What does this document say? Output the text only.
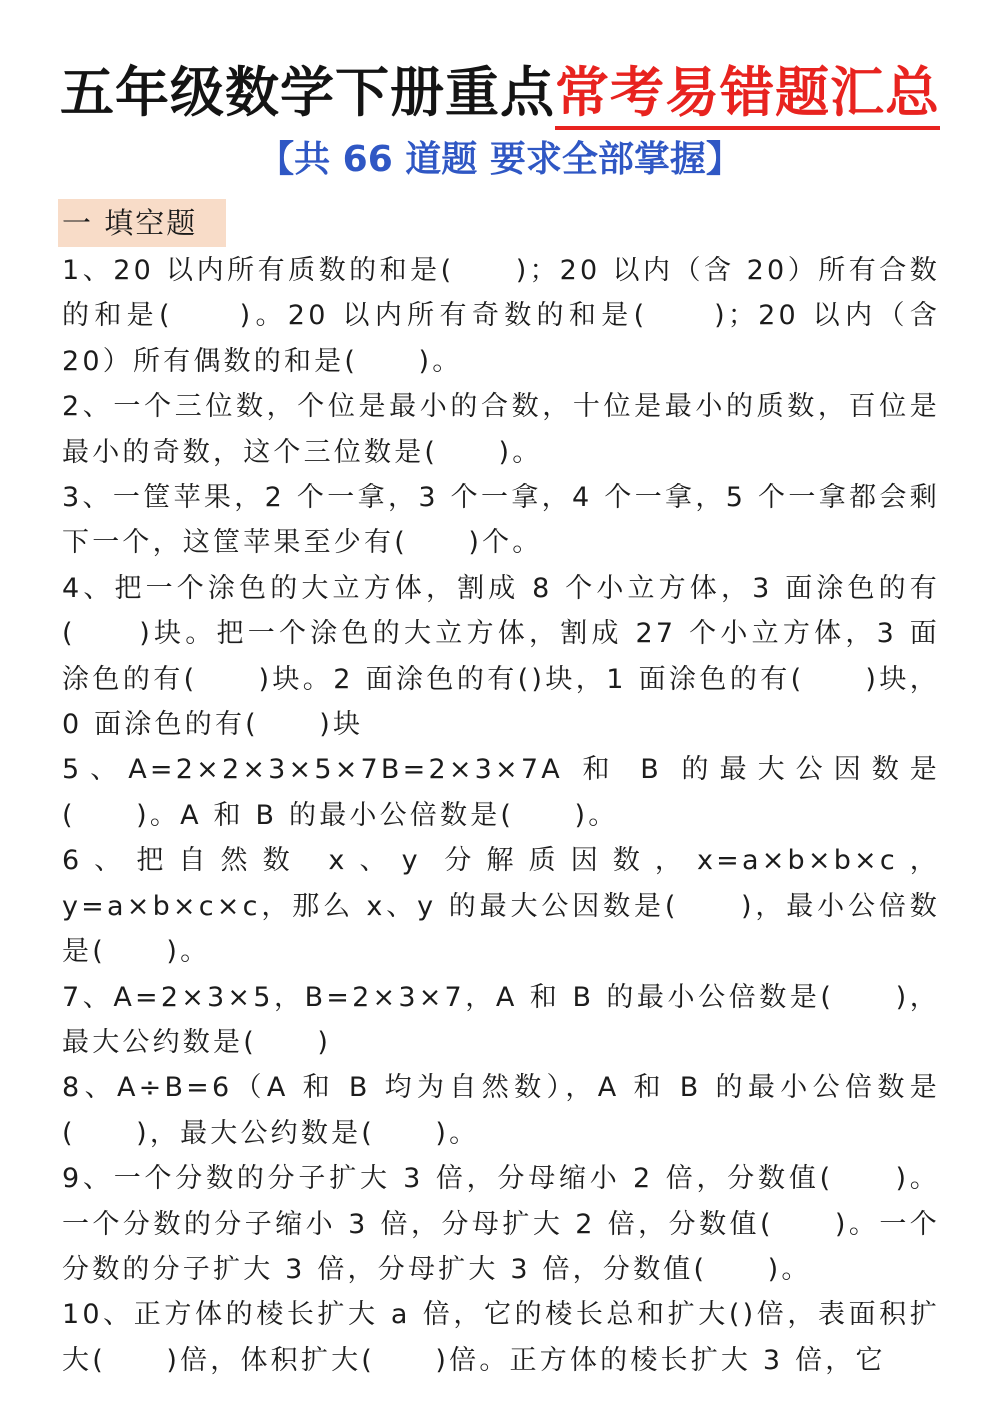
五年级数学下册重点常考易错题汇总
【共 66 道题 要求全部掌握】
一 填空题
1、20 以内所有质数的和是(　　)；20 以内（含 20）所有合数的和是(　　)。20 以内所有奇数的和是(　　)；20 以内（含 20）所有偶数的和是(　　)。
2、一个三位数，个位是最小的合数，十位是最小的质数，百位是最小的奇数，这个三位数是(　　)。
3、一筐苹果，2 个一拿，3 个一拿，4 个一拿，5 个一拿都会剩下一个，这筐苹果至少有(　　)个。
4、把一个涂色的大立方体，割成 8 个小立方体，3 面涂色的有(　　)块。把一个涂色的大立方体，割成 27 个小立方体，3 面涂色的有(　　)块。2 面涂色的有()块，1 面涂色的有(　　)块，0 面涂色的有(　　)块
5、A=2×2×3×5×7B=2×3×7A 和 B 的最大公因数是(　　)。A 和 B 的最小公倍数是(　　)。
6、把自然数 x、y 分解质因数，x=a×b×b×c，y=a×b×c×c，那么 x、y 的最大公因数是(　　)，最小公倍数是(　　)。
7、A=2×3×5，B=2×3×7，A 和 B 的最小公倍数是(　　)，最大公约数是(　　)
8、A÷B=6（A 和 B 均为自然数），A 和 B 的最小公倍数是(　　)，最大公约数是(　　)。
9、一个分数的分子扩大 3 倍，分母缩小 2 倍，分数值(　　)。一个分数的分子缩小 3 倍，分母扩大 2 倍，分数值(　　)。一个分数的分子扩大 3 倍，分母扩大 3 倍，分数值(　　)。
10、正方体的棱长扩大 a 倍，它的棱长总和扩大()倍，表面积扩大(　　)倍，体积扩大(　　)倍。正方体的棱长扩大 3 倍，它
